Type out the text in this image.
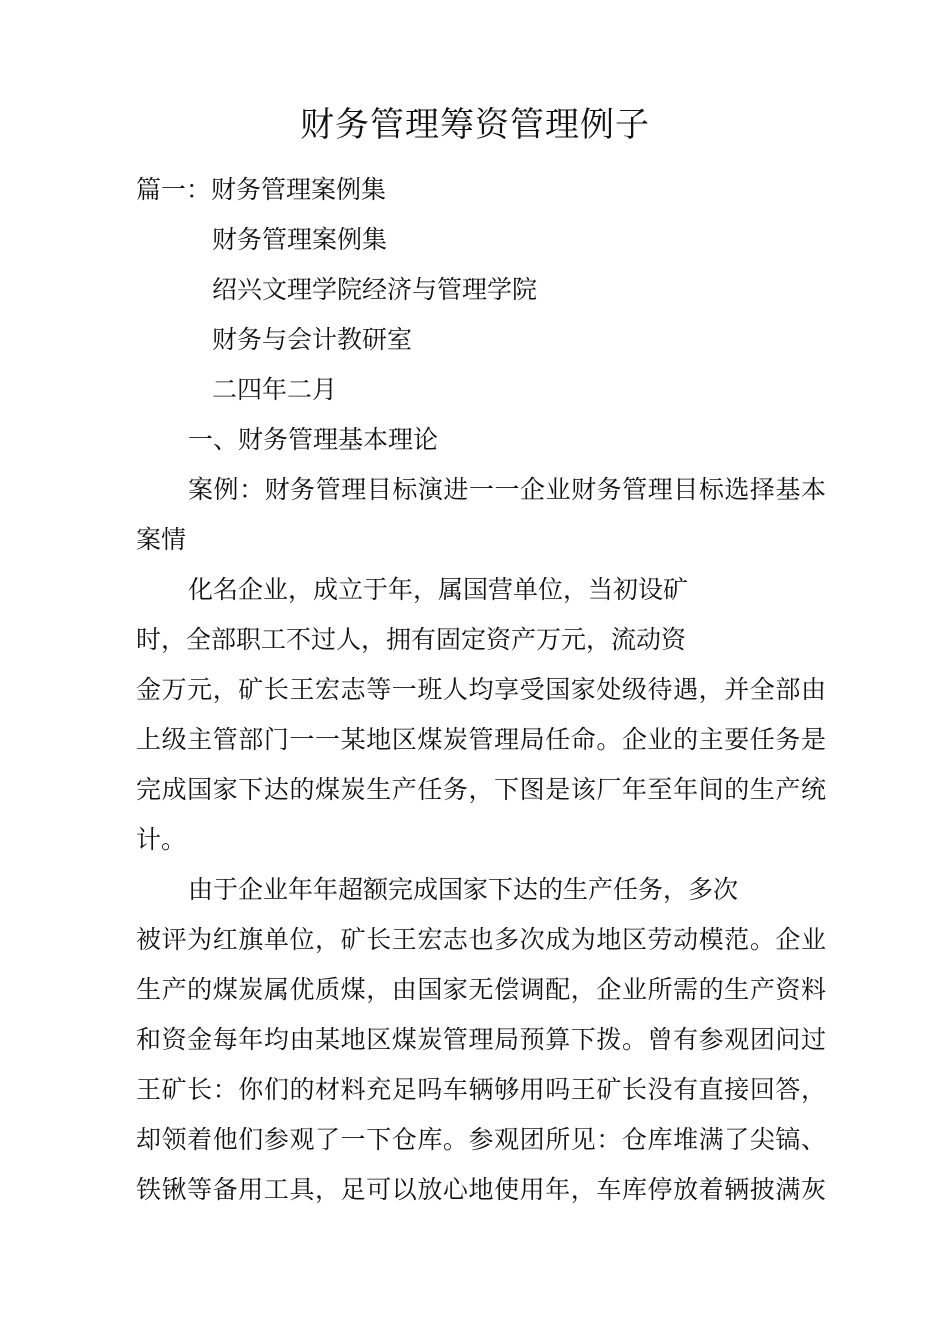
财务管理筹资管理例子
篇一：财务管理案例集
财务管理案例集
绍兴文理学院经济与管理学院
财务与会计教研室
二四年二月
一、财务管理基本理论
案例：财务管理目标演进一一企业财务管理目标选择基本
案情
化名企业，成立于年，属国营单位，当初设矿
时，全部职工不过人，拥有固定资产万元，流动资
金万元，矿长王宏志等一班人均享受国家处级待遇，并全部由
上级主管部门一一某地区煤炭管理局任命。企业的主要任务是
完成国家下达的煤炭生产任务，下图是该厂年至年间的生产统
计。
由于企业年年超额完成国家下达的生产任务，多次
被评为红旗单位，矿长王宏志也多次成为地区劳动模范。企业
生产的煤炭属优质煤，由国家无偿调配，企业所需的生产资料
和资金每年均由某地区煤炭管理局预算下拨。曾有参观团问过
王矿长：你们的材料充足吗车辆够用吗王矿长没有直接回答，
却领着他们参观了一下仓库。参观团所见：仓库堆满了尖镐、
铁锹等备用工具，足可以放心地使用年，车库停放着辆披满灰
